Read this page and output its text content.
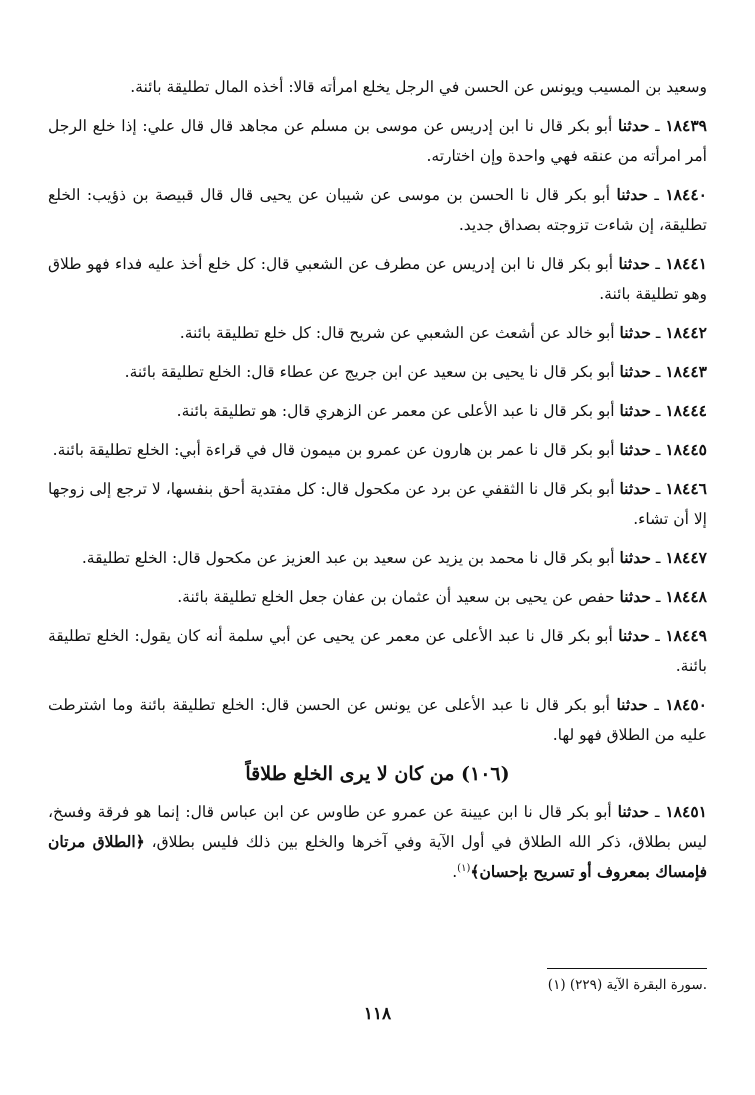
وسعيد بن المسيب ويونس عن الحسن في الرجل يخلع امرأته قالا: أخذه المال تطليقة بائنة.

١٨٤٣٩ ـ حدثنا أبو بكر قال نا ابن إدريس عن موسى بن مسلم عن مجاهد قال قال علي: إذا خلع الرجل أمر امرأته من عنقه فهي واحدة وإن اختارته.

١٨٤٤٠ ـ حدثنا أبو بكر قال نا الحسن بن موسى عن شيبان عن يحيى قال قال قبيصة بن ذؤيب: الخلع تطليقة، إن شاءت تزوجته بصداق جديد.

١٨٤٤١ ـ حدثنا أبو بكر قال نا ابن إدريس عن مطرف عن الشعبي قال: كل خلع أخذ عليه فداء فهو طلاق وهو تطليقة بائنة.

١٨٤٤٢ ـ حدثنا أبو خالد عن أشعث عن الشعبي عن شريح قال: كل خلع تطليقة بائنة.

١٨٤٤٣ ـ حدثنا أبو بكر قال نا يحيى بن سعيد عن ابن جريج عن عطاء قال: الخلع تطليقة بائنة.

١٨٤٤٤ ـ حدثنا أبو بكر قال نا عبد الأعلى عن معمر عن الزهري قال: هو تطليقة بائنة.

١٨٤٤٥ ـ حدثنا أبو بكر قال نا عمر بن هارون عن عمرو بن ميمون قال في قراءة أبي: الخلع تطليقة بائنة.

١٨٤٤٦ ـ حدثنا أبو بكر قال نا الثقفي عن برد عن مكحول قال: كل مفتدية أحق بنفسها، لا ترجع إلى زوجها إلا أن تشاء.

١٨٤٤٧ ـ حدثنا أبو بكر قال نا محمد بن يزيد عن سعيد بن عبد العزيز عن مكحول قال: الخلع تطليقة.

١٨٤٤٨ ـ حدثنا حفص عن يحيى بن سعيد أن عثمان بن عفان جعل الخلع تطليقة بائنة.

١٨٤٤٩ ـ حدثنا أبو بكر قال نا عبد الأعلى عن معمر عن يحيى عن أبي سلمة أنه كان يقول: الخلع تطليقة بائنة.

١٨٤٥٠ ـ حدثنا أبو بكر قال نا عبد الأعلى عن يونس عن الحسن قال: الخلع تطليقة بائنة وما اشترطت عليه من الطلاق فهو لها.

(١٠٦) من كان لا يرى الخلع طلاقاً

١٨٤٥١ ـ حدثنا أبو بكر قال نا ابن عيينة عن عمرو عن طاوس عن ابن عباس قال: إنما هو فرقة وفسخ، ليس بطلاق، ذكر الله الطلاق في أول الآية وفي آخرها والخلع بين ذلك فليس بطلاق، ﴿الطلاق مرتان فإمساك بمعروف أو تسريح بإحسان﴾$^{(١)}$.

(١) سورة البقرة الآية (٢٢٩).
١١٨
